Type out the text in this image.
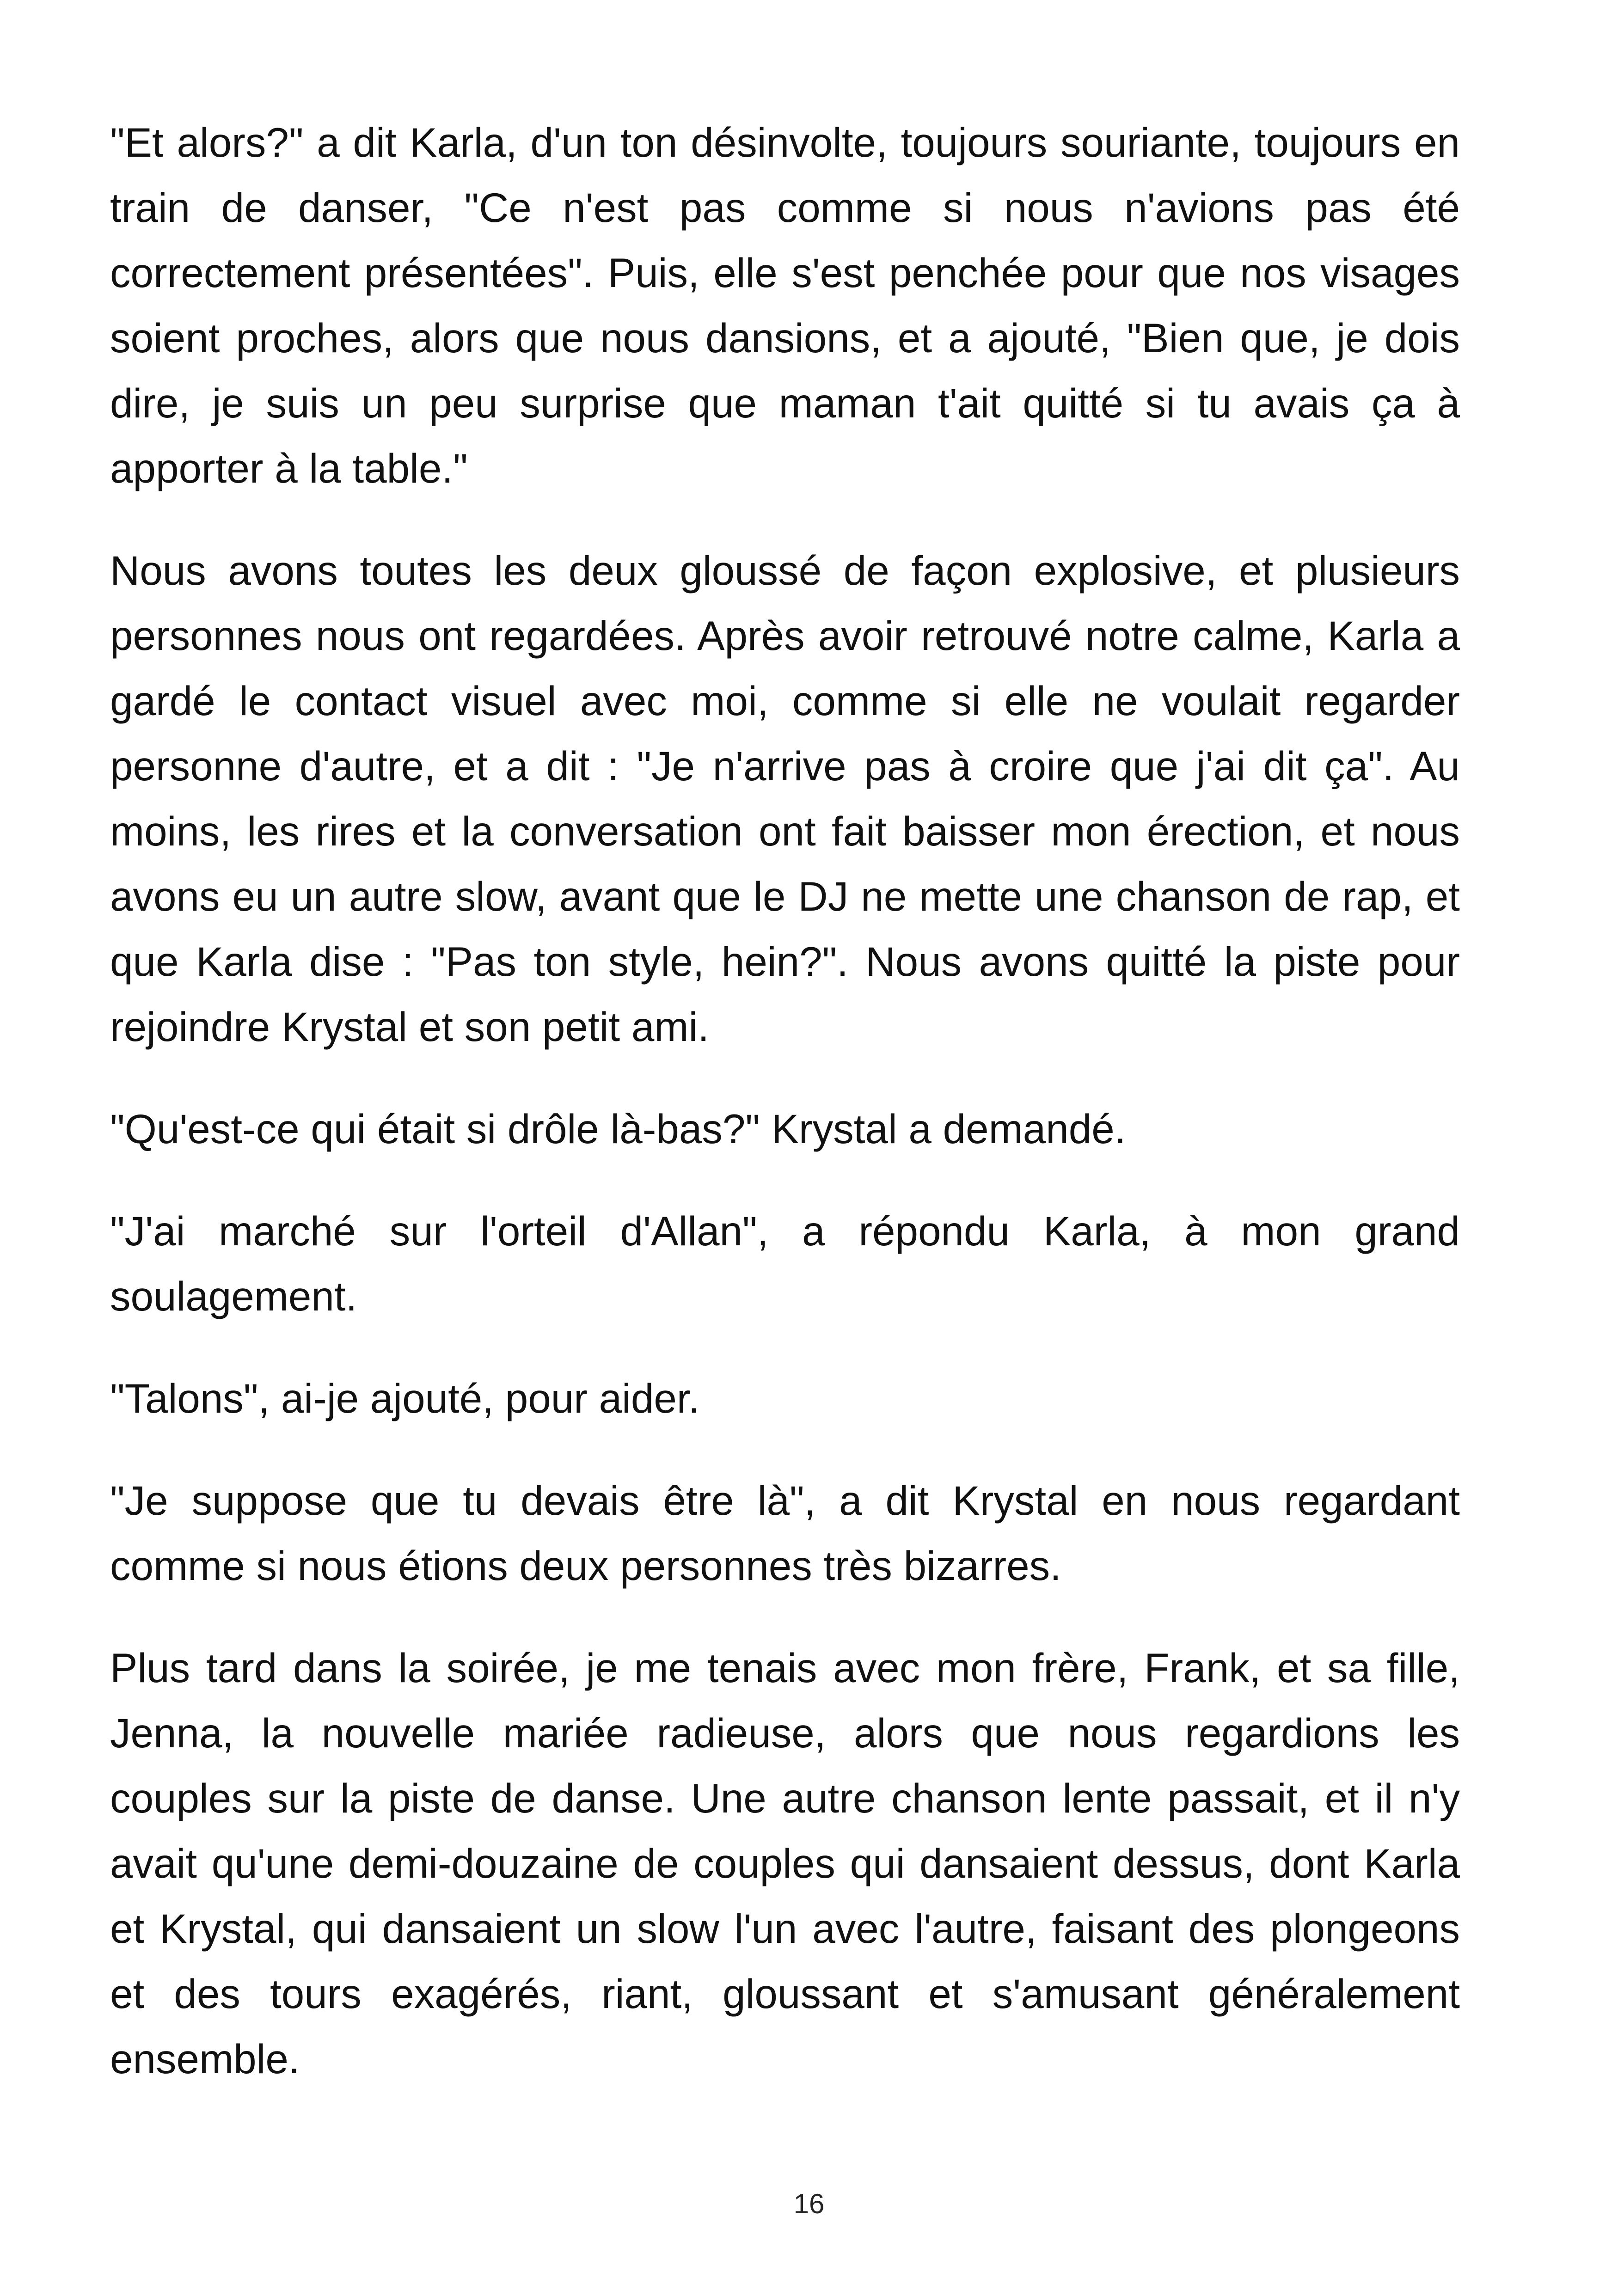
"Et alors?" a dit Karla, d'un ton désinvolte, toujours souriante, toujours en train de danser, "Ce n'est pas comme si nous n'avions pas été correctement présentées". Puis, elle s'est penchée pour que nos visages soient proches, alors que nous dansions, et a ajouté, "Bien que, je dois dire, je suis un peu surprise que maman t'ait quitté si tu avais ça à apporter à la table."

Nous avons toutes les deux gloussé de façon explosive, et plusieurs personnes nous ont regardées. Après avoir retrouvé notre calme, Karla a gardé le contact visuel avec moi, comme si elle ne voulait regarder personne d'autre, et a dit : "Je n'arrive pas à croire que j'ai dit ça". Au moins, les rires et la conversation ont fait baisser mon érection, et nous avons eu un autre slow, avant que le DJ ne mette une chanson de rap, et que Karla dise : "Pas ton style, hein?". Nous avons quitté la piste pour rejoindre Krystal et son petit ami.

"Qu'est-ce qui était si drôle là-bas?" Krystal a demandé.

"J'ai marché sur l'orteil d'Allan", a répondu Karla, à mon grand soulagement.

"Talons", ai-je ajouté, pour aider.

"Je suppose que tu devais être là", a dit Krystal en nous regardant comme si nous étions deux personnes très bizarres.

Plus tard dans la soirée, je me tenais avec mon frère, Frank, et sa fille, Jenna, la nouvelle mariée radieuse, alors que nous regardions les couples sur la piste de danse. Une autre chanson lente passait, et il n'y avait qu'une demi-douzaine de couples qui dansaient dessus, dont Karla et Krystal, qui dansaient un slow l'un avec l'autre, faisant des plongeons et des tours exagérés, riant, gloussant et s'amusant généralement ensemble.

16
